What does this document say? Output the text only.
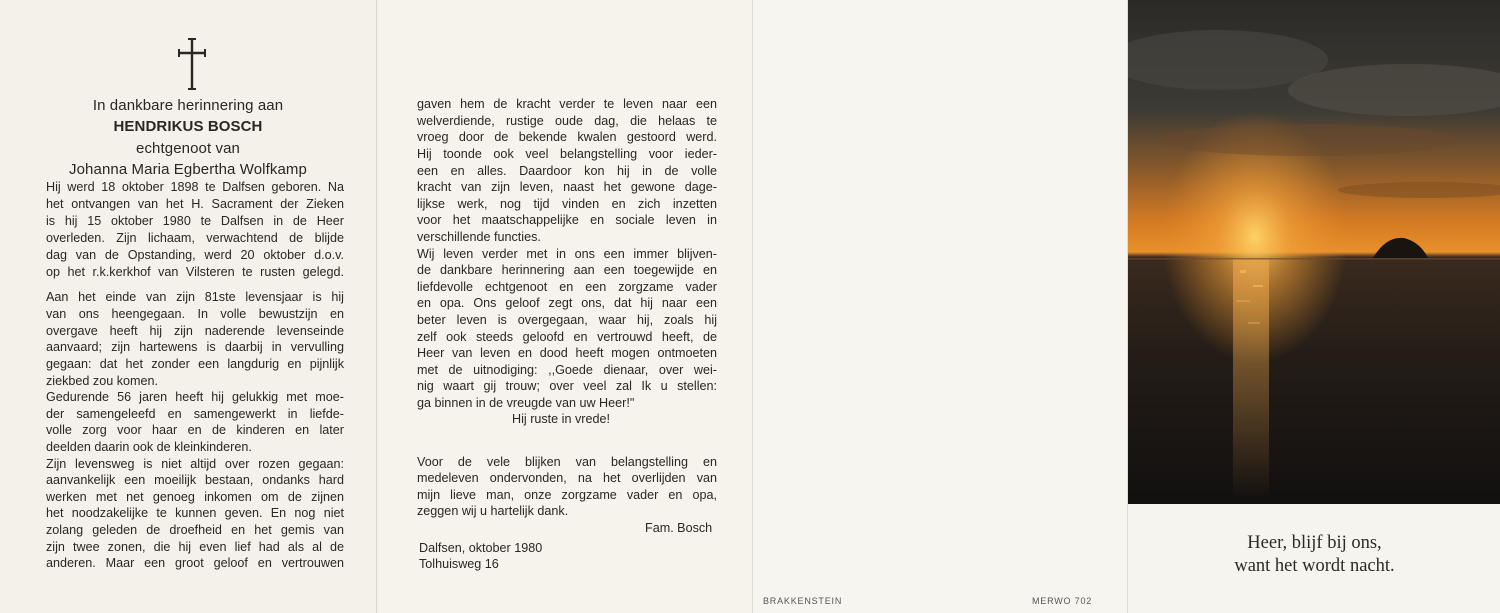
In dankbare herinnering aan
HENDRIKUS BOSCH
echtgenoot van
Johanna Maria Egbertha Wolfkamp
Hij werd 18 oktober 1898 te Dalfsen geboren. Na
het ontvangen van het H. Sacrament der Zieken
is hij 15 oktober 1980 te Dalfsen in de Heer
overleden. Zijn lichaam, verwachtend de blijde
dag van de Opstanding, werd 20 oktober d.o.v.
op het r.k.kerkhof van Vilsteren te rusten gelegd.
Aan het einde van zijn 81ste levensjaar is hij
van ons heengegaan. In volle bewustzijn en
overgave heeft hij zijn naderende levenseinde
aanvaard; zijn hartewens is daarbij in vervulling
gegaan: dat het zonder een langdurig en pijnlijk
ziekbed zou komen.
Gedurende 56 jaren heeft hij gelukkig met moe-
der samengeleefd en samengewerkt in liefde-
volle zorg voor haar en de kinderen en later
deelden daarin ook de kleinkinderen.
Zijn levensweg is niet altijd over rozen gegaan:
aanvankelijk een moeilijk bestaan, ondanks hard
werken met net genoeg inkomen om de zijnen
het noodzakelijke te kunnen geven. En nog niet
zolang geleden de droefheid en het gemis van
zijn twee zonen, die hij even lief had als al de
anderen. Maar een groot geloof en vertrouwen
gaven hem de kracht verder te leven naar een
welverdiende, rustige oude dag, die helaas te
vroeg door de bekende kwalen gestoord werd.
Hij toonde ook veel belangstelling voor ieder-
een en alles. Daardoor kon hij in de volle
kracht van zijn leven, naast het gewone dage-
lijkse werk, nog tijd vinden en zich inzetten
voor het maatschappelijke en sociale leven in
verschillende functies.
Wij leven verder met in ons een immer blijven-
de dankbare herinnering aan een toegewijde en
liefdevolle echtgenoot en een zorgzame vader
en opa. Ons geloof zegt ons, dat hij naar een
beter leven is overgegaan, waar hij, zoals hij
zelf ook steeds geloofd en vertrouwd heeft, de
Heer van leven en dood heeft mogen ontmoeten
met de uitnodiging: ,,Goede dienaar, over wei-
nig waart gij trouw; over veel zal Ik u stellen:
ga binnen in de vreugde van uw Heer!"
Hij ruste in vrede!
Voor de vele blijken van belangstelling en
medeleven ondervonden, na het overlijden van
mijn lieve man, onze zorgzame vader en opa,
zeggen wij u hartelijk dank.
Fam. Bosch
Dalfsen, oktober 1980
Tolhuisweg 16
BRAKKENSTEIN	MERWO 702
Heer, blijf bij ons,
want het wordt nacht.
